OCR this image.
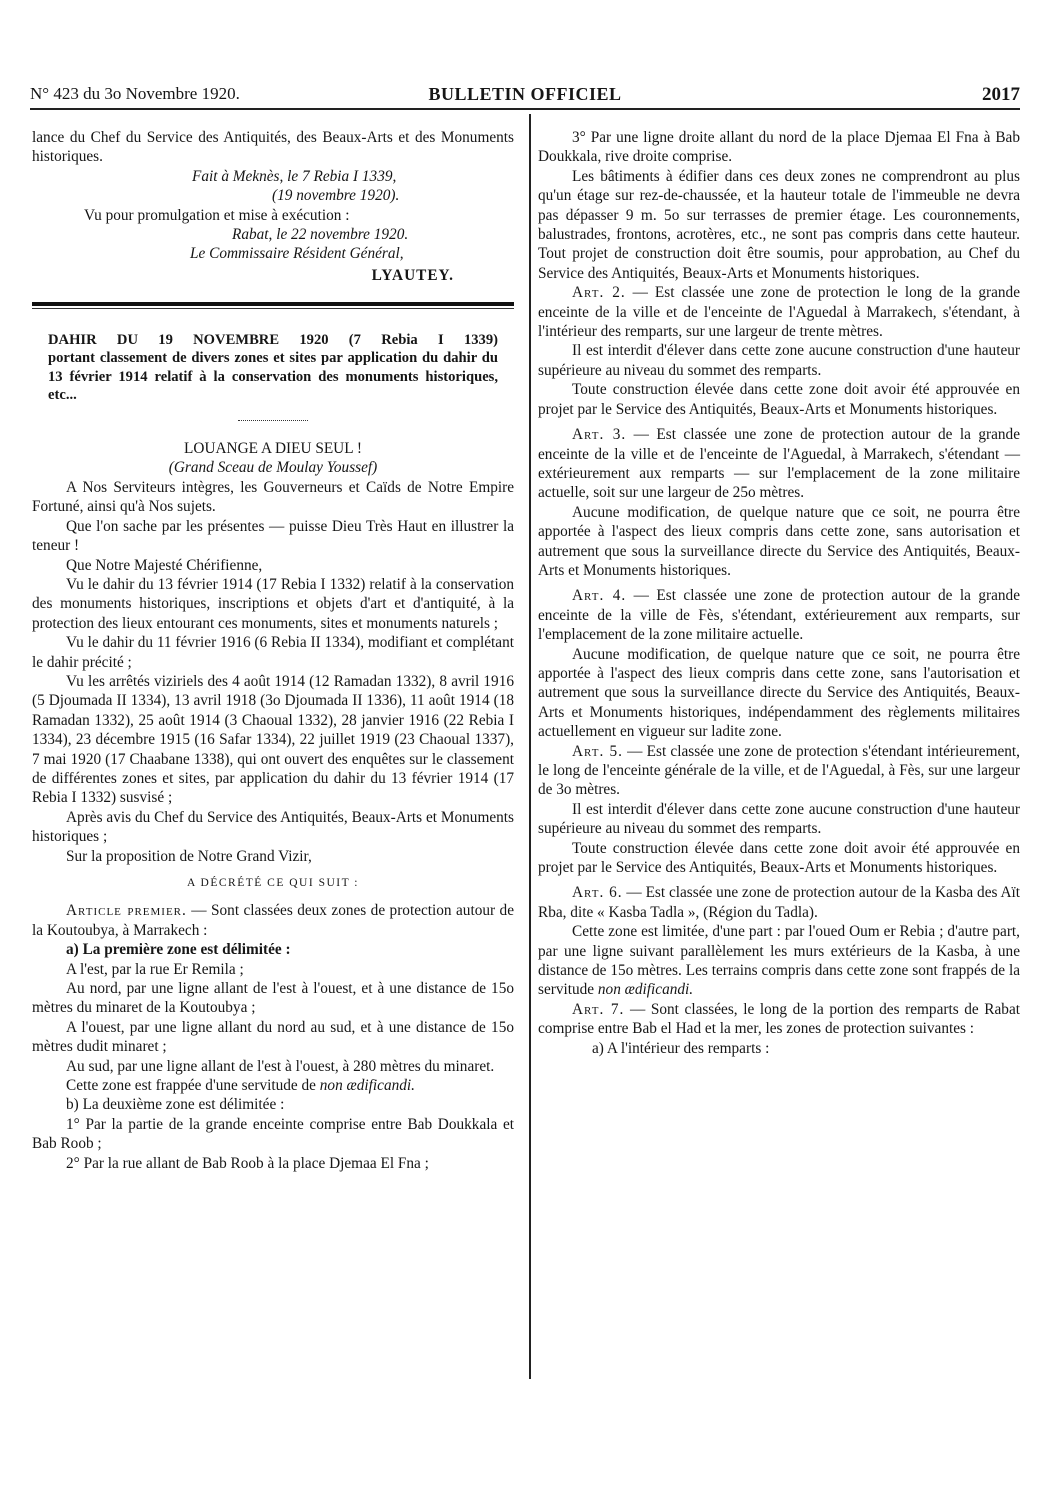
N° 423 du 3o Novembre 1920.	BULLETIN OFFICIEL	2017

lance du Chef du Service des Antiquités, des Beaux-Arts et des Monuments historiques.

Fait à Meknès, le 7 Rebia I 1339,

(19 novembre 1920).

Vu pour promulgation et mise à exécution :

Rabat, le 22 novembre 1920.

Le Commissaire Résident Général,

LYAUTEY.

DAHIR DU 19 NOVEMBRE 1920 (7 Rebia I 1339)
portant classement de divers zones et sites par application du dahir du 13 février 1914 relatif à la conservation des monuments historiques, etc...

LOUANGE A DIEU SEUL !

(Grand Sceau de Moulay Youssef)

A Nos Serviteurs intègres, les Gouverneurs et Caïds de Notre Empire Fortuné, ainsi qu'à Nos sujets.

Que l'on sache par les présentes — puisse Dieu Très Haut en illustrer la teneur !

Que Notre Majesté Chérifienne,

Vu le dahir du 13 février 1914 (17 Rebia I 1332) relatif à la conservation des monuments historiques, inscriptions et objets d'art et d'antiquité, à la protection des lieux entourant ces monuments, sites et monuments naturels ;

Vu le dahir du 11 février 1916 (6 Rebia II 1334), modifiant et complétant le dahir précité ;

Vu les arrêtés viziriels des 4 août 1914 (12 Ramadan 1332), 8 avril 1916 (5 Djoumada II 1334), 13 avril 1918 (3o Djoumada II 1336), 11 août 1914 (18 Ramadan 1332), 25 août 1914 (3 Chaoual 1332), 28 janvier 1916 (22 Rebia I 1334), 23 décembre 1915 (16 Safar 1334), 22 juillet 1919 (23 Chaoual 1337), 7 mai 1920 (17 Chaabane 1338), qui ont ouvert des enquêtes sur le classement de différentes zones et sites, par application du dahir du 13 février 1914 (17 Rebia I 1332) susvisé ;

Après avis du Chef du Service des Antiquités, Beaux-Arts et Monuments historiques ;

Sur la proposition de Notre Grand Vizir,

A DÉCRÉTÉ CE QUI SUIT :

Article premier. — Sont classées deux zones de protection autour de la Koutoubya, à Marrakech :

a) La première zone est délimitée :

A l'est, par la rue Er Remila ;

Au nord, par une ligne allant de l'est à l'ouest, et à une distance de 15o mètres du minaret de la Koutoubya ;

A l'ouest, par une ligne allant du nord au sud, et à une distance de 15o mètres dudit minaret ;

Au sud, par une ligne allant de l'est à l'ouest, à 280 mètres du minaret.

Cette zone est frappée d'une servitude de non ædificandi.

b) La deuxième zone est délimitée :

1° Par la partie de la grande enceinte comprise entre Bab Doukkala et Bab Roob ;

2° Par la rue allant de Bab Roob à la place Djemaa El Fna ;

3° Par une ligne droite allant du nord de la place Djemaa El Fna à Bab Doukkala, rive droite comprise.

Les bâtiments à édifier dans ces deux zones ne comprendront au plus qu'un étage sur rez-de-chaussée, et la hauteur totale de l'immeuble ne devra pas dépasser 9 m. 5o sur terrasses de premier étage. Les couronnements, balustrades, frontons, acrotères, etc., ne sont pas compris dans cette hauteur. Tout projet de construction doit être soumis, pour approbation, au Chef du Service des Antiquités, Beaux-Arts et Monuments historiques.

Art. 2. — Est classée une zone de protection le long de la grande enceinte de la ville et de l'enceinte de l'Aguedal à Marrakech, s'étendant, à l'intérieur des remparts, sur une largeur de trente mètres.

Il est interdit d'élever dans cette zone aucune construction d'une hauteur supérieure au niveau du sommet des remparts.

Toute construction élevée dans cette zone doit avoir été approuvée en projet par le Service des Antiquités, Beaux-Arts et Monuments historiques.

Art. 3. — Est classée une zone de protection autour de la grande enceinte de la ville et de l'enceinte de l'Aguedal, à Marrakech, s'étendant — extérieurement aux remparts — sur l'emplacement de la zone militaire actuelle, soit sur une largeur de 25o mètres.

Aucune modification, de quelque nature que ce soit, ne pourra être apportée à l'aspect des lieux compris dans cette zone, sans autorisation et autrement que sous la surveillance directe du Service des Antiquités, Beaux-Arts et Monuments historiques.

Art. 4. — Est classée une zone de protection autour de la grande enceinte de la ville de Fès, s'étendant, extérieurement aux remparts, sur l'emplacement de la zone militaire actuelle.

Aucune modification, de quelque nature que ce soit, ne pourra être apportée à l'aspect des lieux compris dans cette zone, sans l'autorisation et autrement que sous la surveillance directe du Service des Antiquités, Beaux-Arts et Monuments historiques, indépendamment des règlements militaires actuellement en vigueur sur ladite zone.

Art. 5. — Est classée une zone de protection s'étendant intérieurement, le long de l'enceinte générale de la ville, et de l'Aguedal, à Fès, sur une largeur de 3o mètres.

Il est interdit d'élever dans cette zone aucune construction d'une hauteur supérieure au niveau du sommet des remparts.

Toute construction élevée dans cette zone doit avoir été approuvée en projet par le Service des Antiquités, Beaux-Arts et Monuments historiques.

Art. 6. — Est classée une zone de protection autour de la Kasba des Aït Rba, dite « Kasba Tadla », (Région du Tadla).

Cette zone est limitée, d'une part : par l'oued Oum er Rebia ; d'autre part, par une ligne suivant parallèlement les murs extérieurs de la Kasba, à une distance de 15o mètres. Les terrains compris dans cette zone sont frappés de la servitude non ædificandi.

Art. 7. — Sont classées, le long de la portion des remparts de Rabat comprise entre Bab el Had et la mer, les zones de protection suivantes :

a) A l'intérieur des remparts :
